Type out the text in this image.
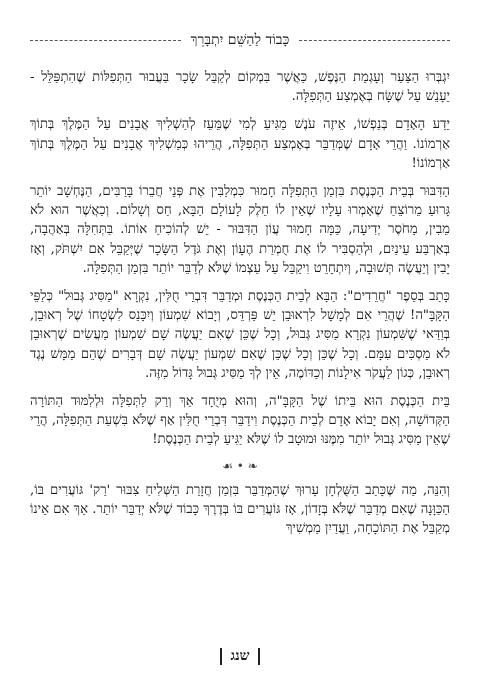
כָּבוֹד לַהַשֵּׁם יִתְבָּרֵךְ

יִגְבְּרוּ הַצַּעַר וְעָגְמַת הַנֶּפֶשׁ, כַּאֲשֶׁר בִּמְקוֹם לְקַבֵּל שָׂכָר בַּעֲבוּר הַתְּפִלּוֹת שֶׁהִתְפַּלֵּל - יֵעָנֵשׁ עַל שֶׁשָּׂח בְּאֶמְצַע הַתְּפִלָּה.

יֵדַע הָאָדָם בְּנַפְשׁוֹ, אֵיזֶה עֹנֶשׁ מַגִּיעַ לְמִי שֶׁמֵּעֵז לְהַשְׁלִיךְ אֲבָנִים עַל הַמֶּלֶךְ בְּתוֹךְ אַרְמוֹנוֹ. וַהֲרֵי אָדָם שֶׁמְּדַבֵּר בְּאֶמְצַע הַתְּפִלָּה, הֲרֵיהוּ כְּמַשְׁלִיךְ אֲבָנִים עַל הַמֶּלֶךְ בְּתוֹךְ אַרְמוֹנוֹ!

הַדִּבּוּר בְּבֵית הַכְּנֶסֶת בִּזְמַן הַתְּפִלָּה חָמוּר כִּמְלַבִּין אֶת פְּנֵי חֲבֵרוֹ בָּרַבִּים, הַנֶּחְשָׁב יוֹתֵר גָּרוּעַ מֵרוֹצֵחַ שֶׁאָמְרוּ עָלָיו שֶׁאֵין לוֹ חֵלֶק לָעוֹלָם הַבָּא, חַס וְשָׁלוֹם. וְכַאֲשֶׁר הוּא לֹא מֵבִין, מֵחֹסֶר יְדִיעָה, כַּמָּה חָמוּר עֲוֹן הַדִּבּוּר - יֵשׁ לְהוֹכִיחַ אוֹתוֹ. בַּתְּחִלָּה בְּאַהֲבָה, בְּאַרְבַּע עֵינַיִם, וּלְהַסְבִּיר לוֹ אֶת חֻמְרַת הֶעָוֹן וְאֶת גֹּדֶל הַשָּׂכָר שֶׁיְּקַבֵּל אִם יִשְׁתֹּק, וְאָז יָבִין וְיַעֲשֶׂה תְּשׁוּבָה, וְיִתְחָרֵט וִיקַבֵּל עַל עַצְמוֹ שֶׁלֹּא לְדַבֵּר יוֹתֵר בִּזְמַן הַתְּפִלָּה.

כָּתַב בְּסֵפֶר "חֲרֵדִים": הַבָּא לְבֵית הַכְּנֶסֶת וּמְדַבֵּר דִּבְרֵי חֻלִּין, נִקְרָא "מַסִּיג גְּבוּל" כְּלַפֵּי הַקָּבָּ"ה! שֶׁהֲרֵי אִם לְמָשָׁל לִרְאוּבֵן יֵשׁ פַּרְדֵּס, וְיָבוֹא שִׁמְעוֹן וְיִכָּנֵס לִשְׂטָחוֹ שֶׁל רְאוּבֵן, בְּוַדַּאי שֶׁשִּׁמְעוֹן נִקְרָא מַסִּיג גְּבוּל, וְכָל שֶׁכֵּן שֶׁאִם יַעֲשֶׂה שָׁם שִׁמְעוֹן מַעֲשִׂים שֶׁרְאוּבֵן לֹא מַסְכִּים עִמָּם. וְכָל שֶׁכֵּן וְכָל שֶׁכֵּן שֶׁאִם שִׁמְעוֹן יַעֲשֶׂה שָׁם דְּבָרִים שֶׁהֵם מַמָּשׁ נֶגֶד רְאוּבֵן, כְּגוֹן לַעֲקֹר אִילָנוֹת וְכַדּוֹמֶה, אֵין לְךָ מַסִּיג גְּבוּל גָּדוֹל מִזֶּה.

בֵּית הַכְּנֶסֶת הוּא בֵּיתוֹ שֶׁל הַקָּבָּ"ה, וְהוּא מְיֻחָד אַךְ וְרַק לַתְּפִלָּה וּלְלִמּוּד הַתּוֹרָה הַקְּדוֹשָׁה, וְאִם יָבוֹא אָדָם לְבֵית הַכְּנֶסֶת וִידַבֵּר דִּבְרֵי חֻלִּין אַף שֶׁלֹּא בִּשְׁעַת הַתְּפִלָּה, הֲרֵי שֶׁאֵין מַסִּיג גְּבוּל יוֹתֵר מִמֶּנּוּ וּמוּטָב לוֹ שֶׁלֹּא יַגִּיעַ לְבֵית הַכְּנֶסֶת!

❧ • ☙

וְהִנֵּה, מַה שֶּׁכָּתַב הַשֻּׁלְחָן עָרוּךְ שֶׁהַמְּדַבֵּר בִּזְמַן חֲזָרַת הַשְּׁלִיחַ צִבּוּר 'רַק' גּוֹעֲרִים בּוֹ, הַכַּוָּנָה שֶׁאִם מְדַבֵּר שֶׁלֹּא בְּזָדוֹן, אָז גּוֹעֲרִים בּוֹ בְּדֶרֶךְ כָּבוֹד שֶׁלֹּא יְדַבֵּר יוֹתֵר. אַךְ אִם אֵינוֹ מְקַבֵּל אֶת הַתּוֹכָחָה, וַעֲדַיִן מַמְשִׁיךְ

שנג
